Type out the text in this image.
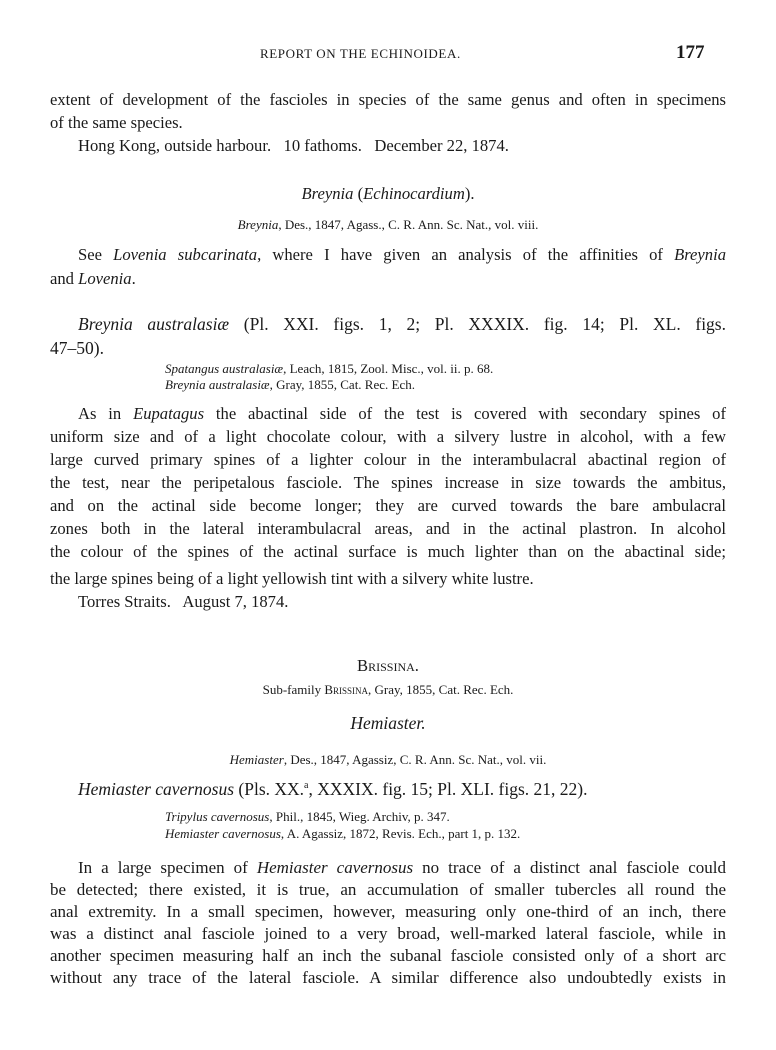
REPORT ON THE ECHINOIDEA.	177
extent of development of the fascioles in species of the same genus and often in specimens
of the same species.
Hong Kong, outside harbour.   10 fathoms.   December 22, 1874.
Breynia (Echinocardium).
Breynia, Des., 1847, Agass., C. R. Ann. Sc. Nat., vol. viii.
See Lovenia subcarinata, where I have given an analysis of the affinities of Breynia
and Lovenia.
Breynia australasiæ (Pl. XXI. figs. 1, 2; Pl. XXXIX. fig. 14; Pl. XL. figs.
47–50).
Spatangus australasiæ, Leach, 1815, Zool. Misc., vol. ii. p. 68.
Breynia australasiæ, Gray, 1855, Cat. Rec. Ech.
As in Eupatagus the abactinal side of the test is covered with secondary spines of
uniform size and of a light chocolate colour, with a silvery lustre in alcohol, with a few
large curved primary spines of a lighter colour in the interambulacral abactinal region of
the test, near the peripetalous fasciole. The spines increase in size towards the ambitus,
and on the actinal side become longer; they are curved towards the bare ambulacral
zones both in the lateral interambulacral areas, and in the actinal plastron. In alcohol
the colour of the spines of the actinal surface is much lighter than on the abactinal side;
the large spines being of a light yellowish tint with a silvery white lustre.
Torres Straits.   August 7, 1874.
Brissina.
Sub-family Brissina, Gray, 1855, Cat. Rec. Ech.
Hemiaster.
Hemiaster, Des., 1847, Agassiz, C. R. Ann. Sc. Nat., vol. vii.
Hemiaster cavernosus (Pls. XX.$^a$, XXXIX. fig. 15; Pl. XLI. figs. 21, 22).
Tripylus cavernosus, Phil., 1845, Wieg. Archiv, p. 347.
Hemiaster cavernosus, A. Agassiz, 1872, Revis. Ech., part 1, p. 132.
In a large specimen of Hemiaster cavernosus no trace of a distinct anal fasciole could
be detected; there existed, it is true, an accumulation of smaller tubercles all round the
anal extremity. In a small specimen, however, measuring only one-third of an inch, there
was a distinct anal fasciole joined to a very broad, well-marked lateral fasciole, while in
another specimen measuring half an inch the subanal fasciole consisted only of a short arc
without any trace of the lateral fasciole. A similar difference also undoubtedly exists in
